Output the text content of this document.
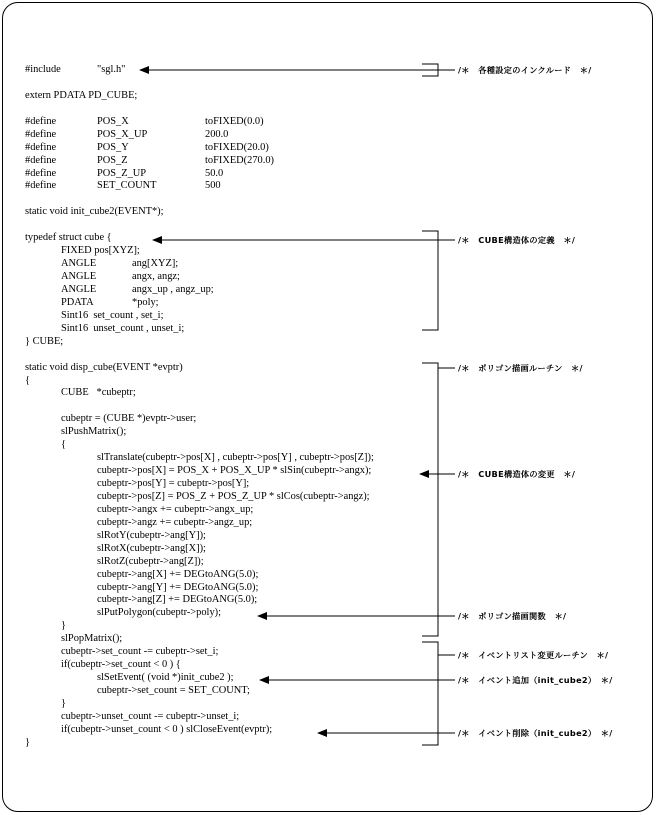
#include	"sgl.h"
extern PDATA PD_CUBE;
#define	POS_X	toFIXED(0.0)
#define	POS_X_UP	200.0
#define	POS_Y	toFIXED(20.0)
#define	POS_Z	toFIXED(270.0)
#define	POS_Z_UP	50.0
#define	SET_COUNT	500
static void init_cube2(EVENT*);
typedef struct cube {
FIXED pos[XYZ];
ANGLE	ang[XYZ];
ANGLE	angx, angz;
ANGLE	angx_up , angz_up;
PDATA	*poly;
Sint16  set_count , set_i;
Sint16  unset_count , unset_i;
} CUBE;
static void disp_cube(EVENT *evptr)
{
CUBE   *cubeptr;
cubeptr = (CUBE *)evptr->user;
slPushMatrix();
{
slTranslate(cubeptr->pos[X] , cubeptr->pos[Y] , cubeptr->pos[Z]);
cubeptr->pos[X] = POS_X + POS_X_UP * slSin(cubeptr->angx);
cubeptr->pos[Y] = cubeptr->pos[Y];
cubeptr->pos[Z] = POS_Z + POS_Z_UP * slCos(cubeptr->angz);
cubeptr->angx += cubeptr->angx_up;
cubeptr->angz += cubeptr->angz_up;
slRotY(cubeptr->ang[Y]);
slRotX(cubeptr->ang[X]);
slRotZ(cubeptr->ang[Z]);
cubeptr->ang[X] += DEGtoANG(5.0);
cubeptr->ang[Y] += DEGtoANG(5.0);
cubeptr->ang[Z] += DEGtoANG(5.0);
slPutPolygon(cubeptr->poly);
}
slPopMatrix();
cubeptr->set_count -= cubeptr->set_i;
if(cubeptr->set_count < 0 ) {
slSetEvent( (void *)init_cube2 );
cubeptr->set_count = SET_COUNT;
}
cubeptr->unset_count -= cubeptr->unset_i;
if(cubeptr->unset_count < 0 ) slCloseEvent(evptr);
}
/＊　各種設定のインクルード　＊/
/＊　CUBE構造体の定義　＊/
/＊　ポリゴン描画ルーチン　＊/
/＊　CUBE構造体の変更　＊/
/＊　ポリゴン描画関数　＊/
/＊　イベントリスト変更ルーチン　＊/
/＊　イベント追加（init_cube2）　＊/
/＊　イベント削除（init_cube2）　＊/
